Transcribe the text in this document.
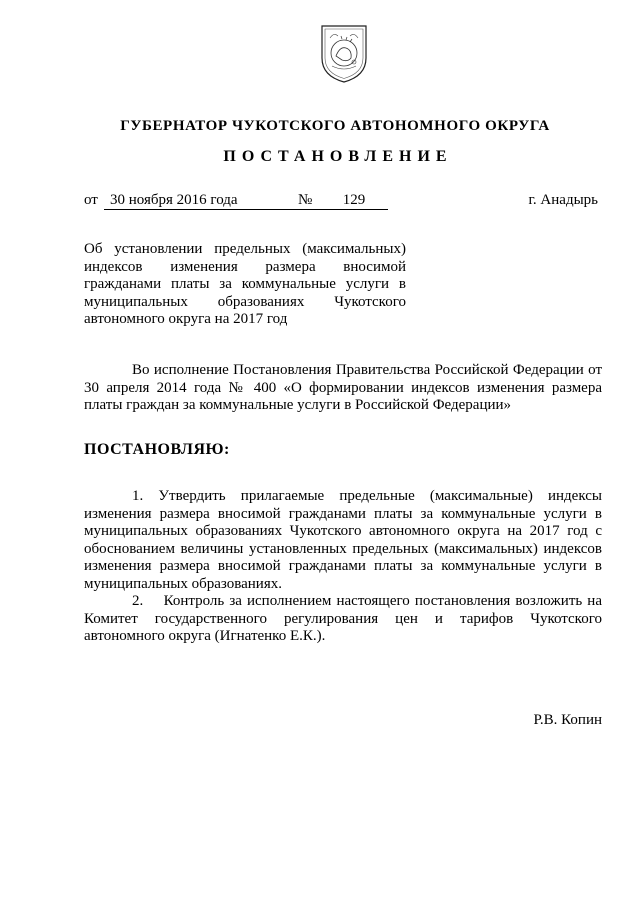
ГУБЕРНАТОР ЧУКОТСКОГО АВТОНОМНОГО ОКРУГА
ПОСТАНОВЛЕНИЕ
от 30 ноября 2016 года	№	129	г. Анадырь
Об установлении предельных (максимальных) индексов изменения размера вносимой гражданами платы за коммунальные услуги в муниципальных образованиях Чукотского автономного округа на 2017 год
Во исполнение Постановления Правительства Российской Федерации от 30 апреля 2014 года № 400 «О формировании индексов изменения размера платы граждан за коммунальные услуги в Российской Федерации»
ПОСТАНОВЛЯЮ:

1. Утвердить прилагаемые предельные (максимальные) индексы изменения размера вносимой гражданами платы за коммунальные услуги в муниципальных образованиях Чукотского автономного округа на 2017 год с обоснованием величины установленных предельных (максимальных) индексов изменения размера вносимой гражданами платы за коммунальные услуги в муниципальных образованиях.

2.    Контроль за исполнением настоящего постановления возложить на Комитет государственного регулирования цен и тарифов Чукотского автономного округа (Игнатенко Е.К.).

Р.В. Копин
